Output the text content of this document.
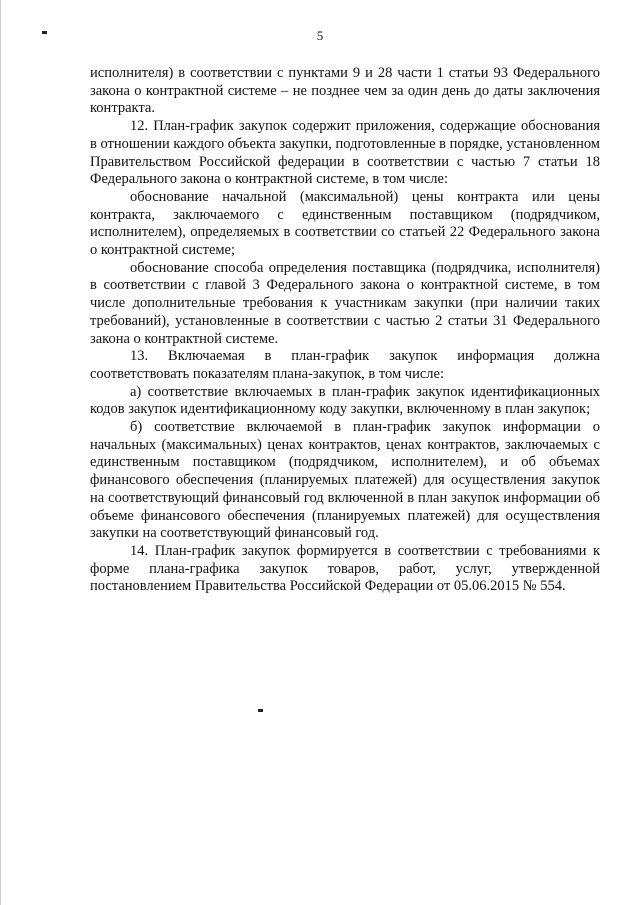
5

исполнителя) в соответствии с пунктами 9 и 28 части 1 статьи 93 Федерального закона о контрактной системе – не позднее чем за один день до даты заключения контракта.

12. План-график закупок содержит приложения, содержащие обоснования в отношении каждого объекта закупки, подготовленные в порядке, установленном Правительством Российской федерации в соответствии с частью 7 статьи 18 Федерального закона о контрактной системе, в том числе:

обоснование начальной (максимальной) цены контракта или цены контракта, заключаемого с единственным поставщиком (подрядчиком, исполнителем), определяемых в соответствии со статьей 22 Федерального закона о контрактной системе;

обоснование способа определения поставщика (подрядчика, исполнителя) в соответствии с главой 3 Федерального закона о контрактной системе, в том числе дополнительные требования к участникам закупки (при наличии таких требований), установленные в соответствии с частью 2 статьи 31 Федерального закона о контрактной системе.

13. Включаемая в план-график закупок информация должна соответствовать показателям плана-закупок, в том числе:

а) соответствие включаемых в план-график закупок идентификационных кодов закупок идентификационному коду закупки, включенному в план закупок;

б) соответствие включаемой в план-график закупок информации о начальных (максимальных) ценах контрактов, ценах контрактов, заключаемых с единственным поставщиком (подрядчиком, исполнителем), и об объемах финансового обеспечения (планируемых платежей) для осуществления закупок на соответствующий финансовый год включенной в план закупок информации об объеме финансового обеспечения (планируемых платежей) для осуществления закупки на соответствующий финансовый год.

14. План-график закупок формируется в соответствии с требованиями к форме плана-графика закупок товаров, работ, услуг, утвержденной постановлением Правительства Российской Федерации от 05.06.2015 № 554.
